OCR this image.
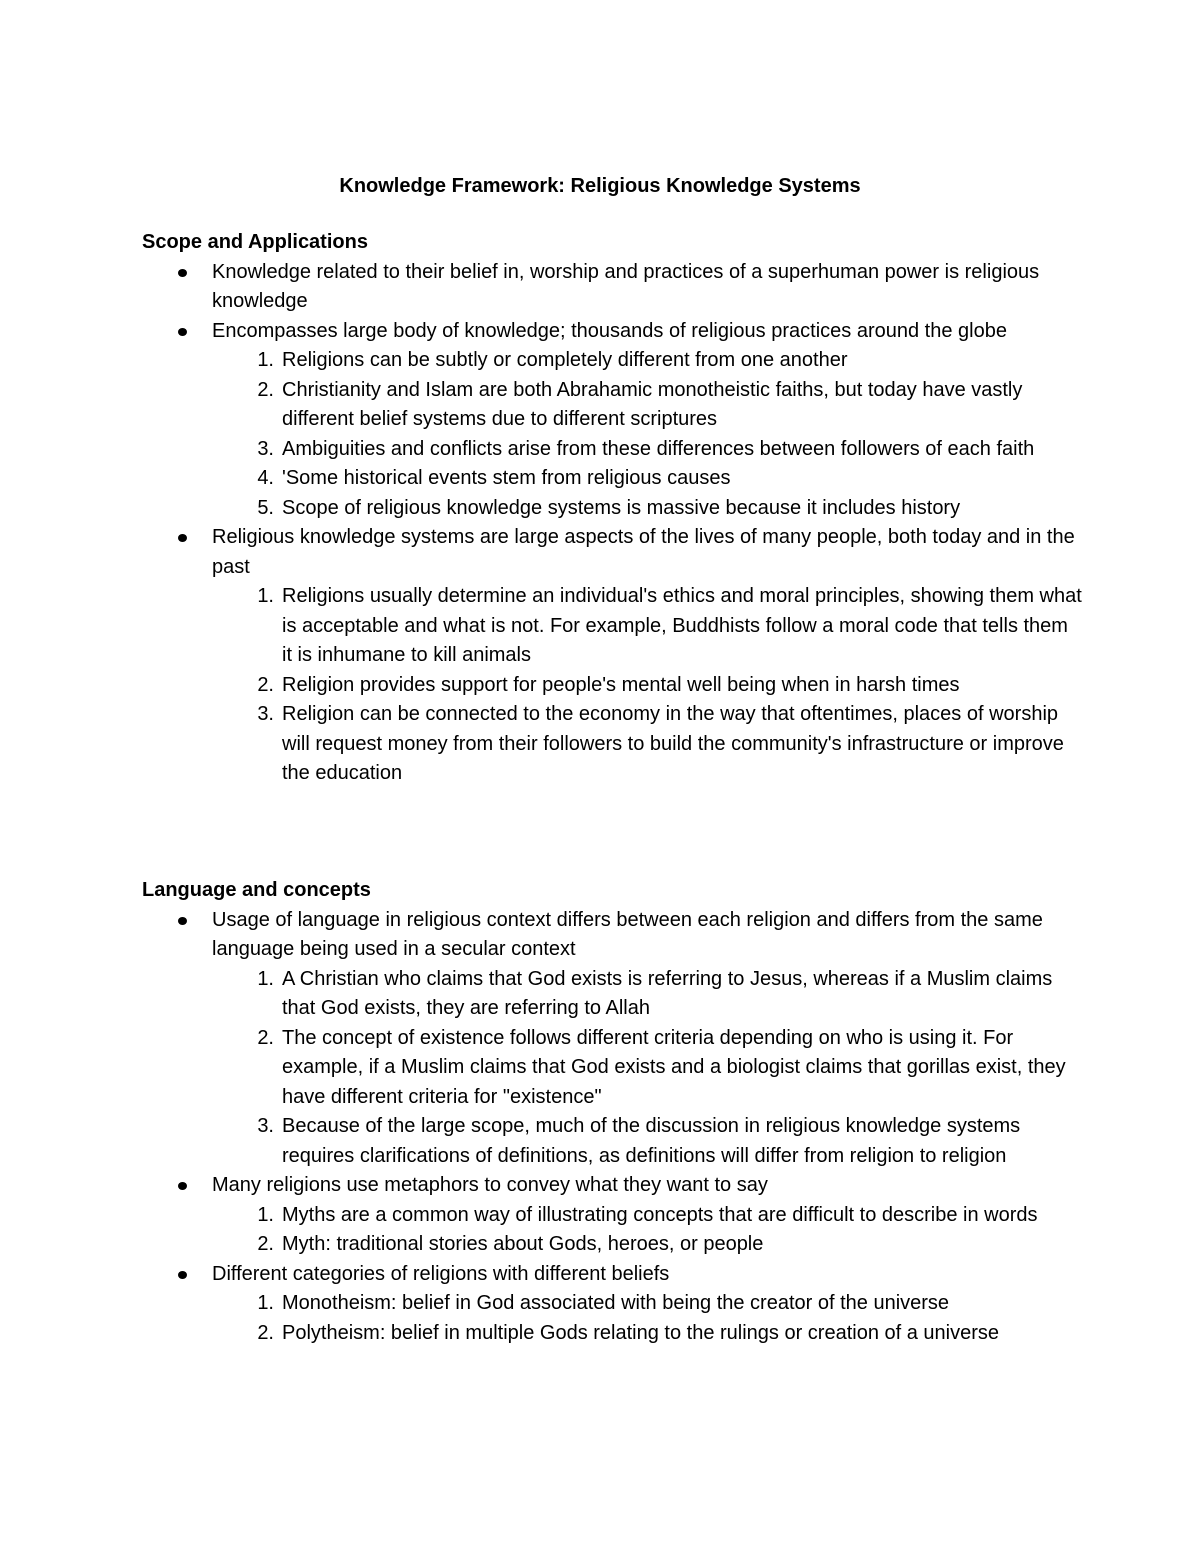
Knowledge Framework: Religious Knowledge Systems
Scope and Applications
Knowledge related to their belief in, worship and practices of a superhuman power is religious knowledge
Encompasses large body of knowledge; thousands of religious practices around the globe
1. Religions can be subtly or completely different from one another
2. Christianity and Islam are both Abrahamic monotheistic faiths, but today have vastly different belief systems due to different scriptures
3. Ambiguities and conflicts arise from these differences between followers of each faith
4. 'Some historical events stem from religious causes
5. Scope of religious knowledge systems is massive because it includes history
Religious knowledge systems are large aspects of the lives of many people, both today and in the past
1. Religions usually determine an individual's ethics and moral principles, showing them what is acceptable and what is not. For example, Buddhists follow a moral code that tells them it is inhumane to kill animals
2. Religion provides support for people's mental well being when in harsh times
3. Religion can be connected to the economy in the way that oftentimes, places of worship will request money from their followers to build the community's infrastructure or improve the education
Language and concepts
Usage of language in religious context differs between each religion and differs from the same language being used in a secular context
1. A Christian who claims that God exists is referring to Jesus, whereas if a Muslim claims that God exists, they are referring to Allah
2. The concept of existence follows different criteria depending on who is using it. For example, if a Muslim claims that God exists and a biologist claims that gorillas exist, they have different criteria for "existence"
3. Because of the large scope, much of the discussion in religious knowledge systems requires clarifications of definitions, as definitions will differ from religion to religion
Many religions use metaphors to convey what they want to say
1. Myths are a common way of illustrating concepts that are difficult to describe in words
2. Myth: traditional stories about Gods, heroes, or people
Different categories of religions with different beliefs
1. Monotheism: belief in God associated with being the creator of the universe
2. Polytheism: belief in multiple Gods relating to the rulings or creation of a universe
